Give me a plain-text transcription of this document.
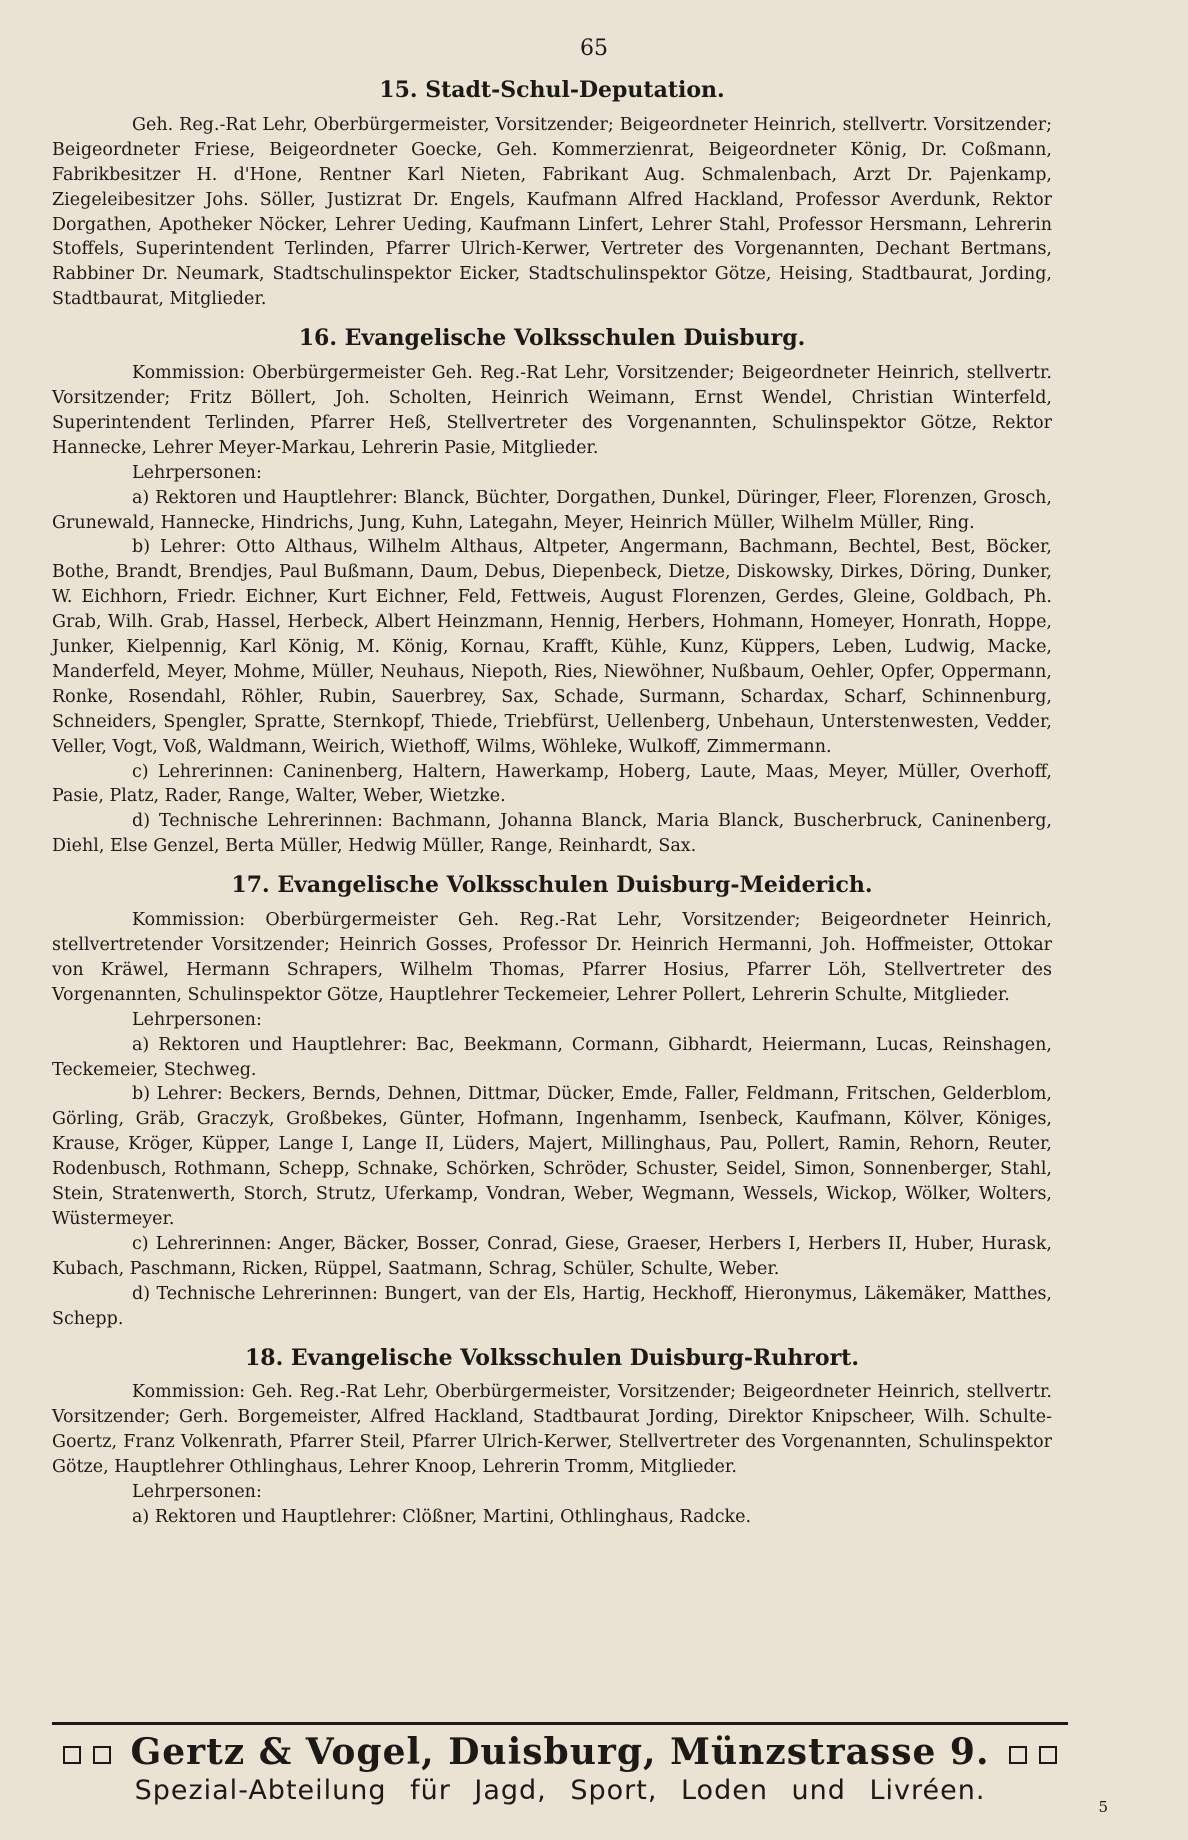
65
15. Stadt-Schul-Deputation.

Geh. Reg.-Rat Lehr, Oberbürgermeister, Vorsitzender; Beigeordneter Heinrich, stellvertr. Vorsitzender; Beigeordneter Friese, Beigeordneter Goecke, Geh. Kommerzienrat, Beigeordneter König, Dr. Coßmann, Fabrikbesitzer H. d'Hone, Rentner Karl Nieten, Fabrikant Aug. Schmalenbach, Arzt Dr. Pajenkamp, Ziegeleibesitzer Johs. Söller, Justizrat Dr. Engels, Kaufmann Alfred Hackland, Professor Averdunk, Rektor Dorgathen, Apotheker Nöcker, Lehrer Ueding, Kaufmann Linfert, Lehrer Stahl, Professor Hersmann, Lehrerin Stoffels, Superintendent Terlinden, Pfarrer Ulrich-Kerwer, Vertreter des Vorgenannten, Dechant Bertmans, Rabbiner Dr. Neumark, Stadtschulinspektor Eicker, Stadtschulinspektor Götze, Heising, Stadtbaurat, Jording, Stadtbaurat, Mitglieder.

16. Evangelische Volksschulen Duisburg.

Kommission: Oberbürgermeister Geh. Reg.-Rat Lehr, Vorsitzender; Beigeordneter Heinrich, stellvertr. Vorsitzender; Fritz Böllert, Joh. Scholten, Heinrich Weimann, Ernst Wendel, Christian Winterfeld, Superintendent Terlinden, Pfarrer Heß, Stellvertreter des Vorgenannten, Schulinspektor Götze, Rektor Hannecke, Lehrer Meyer-Markau, Lehrerin Pasie, Mitglieder.

Lehrpersonen:

a) Rektoren und Hauptlehrer: Blanck, Büchter, Dorgathen, Dunkel, Düringer, Fleer, Florenzen, Grosch, Grunewald, Hannecke, Hindrichs, Jung, Kuhn, Lategahn, Meyer, Heinrich Müller, Wilhelm Müller, Ring.

b) Lehrer: Otto Althaus, Wilhelm Althaus, Altpeter, Angermann, Bachmann, Bechtel, Best, Böcker, Bothe, Brandt, Brendjes, Paul Bußmann, Daum, Debus, Diepenbeck, Dietze, Diskowsky, Dirkes, Döring, Dunker, W. Eichhorn, Friedr. Eichner, Kurt Eichner, Feld, Fettweis, August Florenzen, Gerdes, Gleine, Goldbach, Ph. Grab, Wilh. Grab, Hassel, Herbeck, Albert Heinzmann, Hennig, Herbers, Hohmann, Homeyer, Honrath, Hoppe, Junker, Kielpennig, Karl König, M. König, Kornau, Krafft, Kühle, Kunz, Küppers, Leben, Ludwig, Macke, Manderfeld, Meyer, Mohme, Müller, Neuhaus, Niepoth, Ries, Niewöhner, Nußbaum, Oehler, Opfer, Oppermann, Ronke, Rosendahl, Röhler, Rubin, Sauerbrey, Sax, Schade, Surmann, Schardax, Scharf, Schinnenburg, Schneiders, Spengler, Spratte, Sternkopf, Thiede, Triebfürst, Uellenberg, Unbehaun, Unterstenwesten, Vedder, Veller, Vogt, Voß, Waldmann, Weirich, Wiethoff, Wilms, Wöhleke, Wulkoff, Zimmermann.

c) Lehrerinnen: Caninenberg, Haltern, Hawerkamp, Hoberg, Laute, Maas, Meyer, Müller, Overhoff, Pasie, Platz, Rader, Range, Walter, Weber, Wietzke.

d) Technische Lehrerinnen: Bachmann, Johanna Blanck, Maria Blanck, Buscherbruck, Caninenberg, Diehl, Else Genzel, Berta Müller, Hedwig Müller, Range, Reinhardt, Sax.

17. Evangelische Volksschulen Duisburg-Meiderich.

Kommission: Oberbürgermeister Geh. Reg.-Rat Lehr, Vorsitzender; Beigeordneter Heinrich, stellvertretender Vorsitzender; Heinrich Gosses, Professor Dr. Heinrich Hermanni, Joh. Hoffmeister, Ottokar von Kräwel, Hermann Schrapers, Wilhelm Thomas, Pfarrer Hosius, Pfarrer Löh, Stellvertreter des Vorgenannten, Schulinspektor Götze, Hauptlehrer Teckemeier, Lehrer Pollert, Lehrerin Schulte, Mitglieder.

Lehrpersonen:

a) Rektoren und Hauptlehrer: Bac, Beekmann, Cormann, Gibhardt, Heiermann, Lucas, Reinshagen, Teckemeier, Stechweg.

b) Lehrer: Beckers, Bernds, Dehnen, Dittmar, Dücker, Emde, Faller, Feldmann, Fritschen, Gelderblom, Görling, Gräb, Graczyk, Großbekes, Günter, Hofmann, Ingenhamm, Isenbeck, Kaufmann, Kölver, Königes, Krause, Kröger, Küpper, Lange I, Lange II, Lüders, Majert, Millinghaus, Pau, Pollert, Ramin, Rehorn, Reuter, Rodenbusch, Rothmann, Schepp, Schnake, Schörken, Schröder, Schuster, Seidel, Simon, Sonnenberger, Stahl, Stein, Stratenwerth, Storch, Strutz, Uferkamp, Vondran, Weber, Wegmann, Wessels, Wickop, Wölker, Wolters, Wüstermeyer.

c) Lehrerinnen: Anger, Bäcker, Bosser, Conrad, Giese, Graeser, Herbers I, Herbers II, Huber, Hurask, Kubach, Paschmann, Ricken, Rüppel, Saatmann, Schrag, Schüler, Schulte, Weber.

d) Technische Lehrerinnen: Bungert, van der Els, Hartig, Heckhoff, Hieronymus, Läkemäker, Matthes, Schepp.

18. Evangelische Volksschulen Duisburg-Ruhrort.

Kommission: Geh. Reg.-Rat Lehr, Oberbürgermeister, Vorsitzender; Beigeordneter Heinrich, stellvertr. Vorsitzender; Gerh. Borgemeister, Alfred Hackland, Stadtbaurat Jording, Direktor Knipscheer, Wilh. Schulte-Goertz, Franz Volkenrath, Pfarrer Steil, Pfarrer Ulrich-Kerwer, Stellvertreter des Vorgenannten, Schulinspektor Götze, Hauptlehrer Othlinghaus, Lehrer Knoop, Lehrerin Tromm, Mitglieder.

Lehrpersonen:

a) Rektoren und Hauptlehrer: Clößner, Martini, Othlinghaus, Radcke.

Gertz & Vogel, Duisburg, Münzstrasse 9.
Spezial-Abteilung für Jagd, Sport, Loden und Livréen.
5
